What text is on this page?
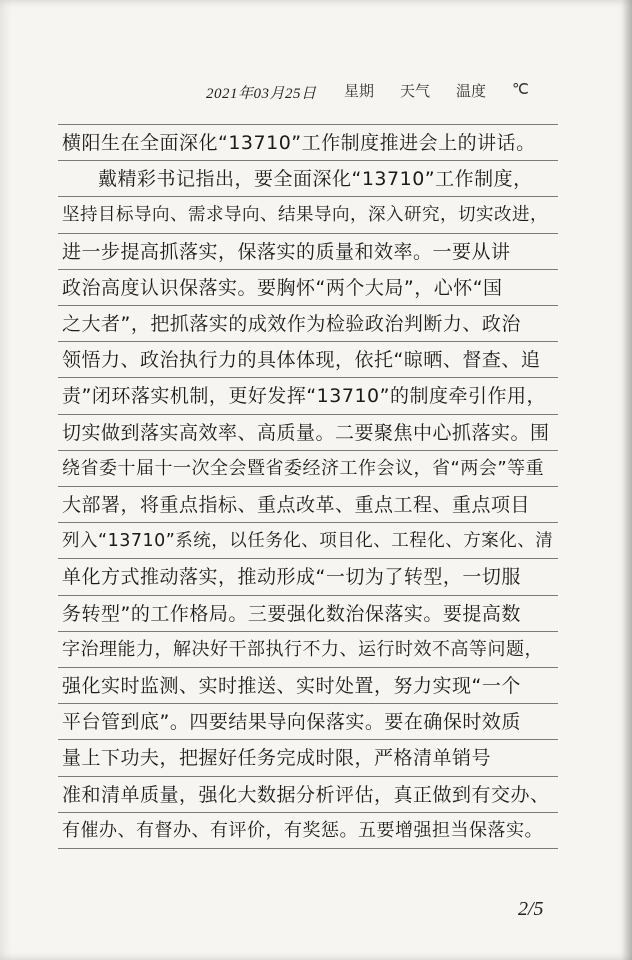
2021年03月25日 星期 天气 温度 ℃
横阳生在全面深化“13710”工作制度推进会上的讲话。
戴精彩书记指出，要全面深化“13710”工作制度，
坚持目标导向、需求导向、结果导向，深入研究，切实改进，
进一步提高抓落实，保落实的质量和效率。一要从讲
政治高度认识保落实。要胸怀“两个大局”，心怀“国
之大者”，把抓落实的成效作为检验政治判断力、政治
领悟力、政治执行力的具体体现，依托“晾晒、督查、追
责”闭环落实机制，更好发挥“13710”的制度牵引作用，
切实做到落实高效率、高质量。二要聚焦中心抓落实。围
绕省委十届十一次全会暨省委经济工作会议，省“两会”等重
大部署，将重点指标、重点改革、重点工程、重点项目
列入“13710”系统，以任务化、项目化、工程化、方案化、清
单化方式推动落实，推动形成“一切为了转型，一切服
务转型”的工作格局。三要强化数治保落实。要提高数
字治理能力，解决好干部执行不力、运行时效不高等问题，
强化实时监测、实时推送、实时处置，努力实现“一个
平台管到底”。四要结果导向保落实。要在确保时效质
量上下功夫，把握好任务完成时限，严格清单销号
准和清单质量，强化大数据分析评估，真正做到有交办、
有催办、有督办、有评价，有奖惩。五要增强担当保落实。
2/5
